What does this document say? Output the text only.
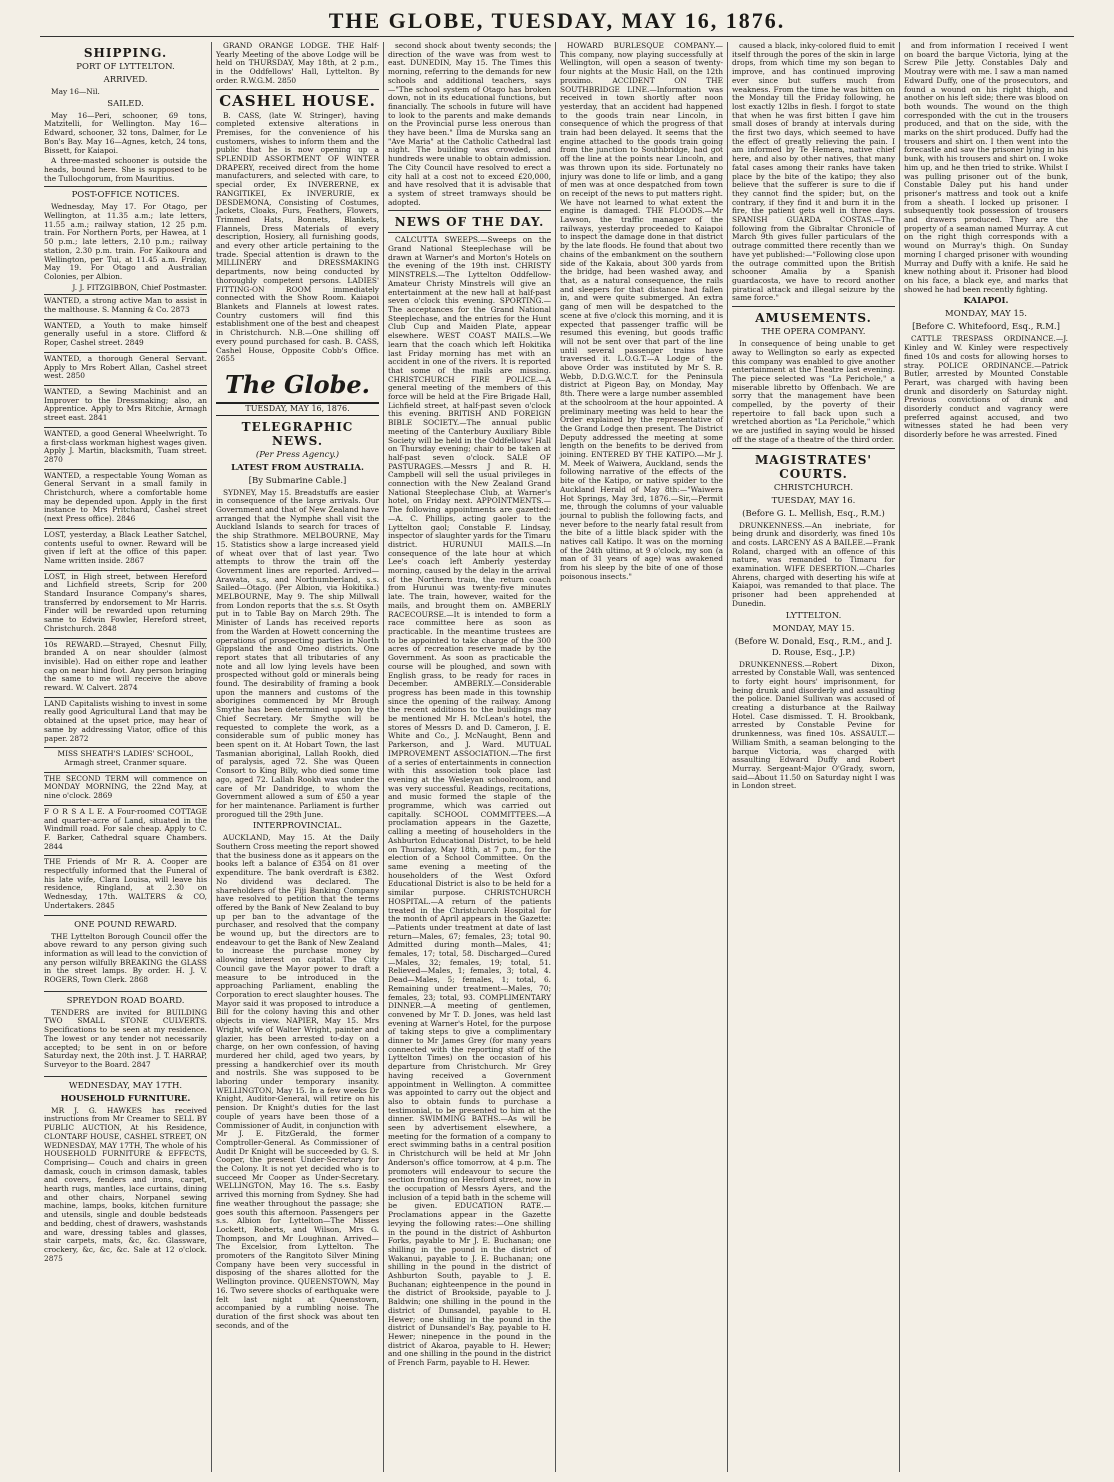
THE GLOBE, TUESDAY, MAY 16, 1876.
SHIPPING.
PORT OF LYTTELTON.
ARRIVED.

May 16—Nil.

SAILED.

May 16—Peri, schooner, 69 tons, Matzitelli, for Wellington. May 16—Edward, schooner, 32 tons, Dalmer, for Le Bon's Bay. May 16—Agnes, ketch, 24 tons, Bissett, for Kaiapoi.

A three-masted schooner is outside the heads, bound here. She is supposed to be the Tullochgorum, from Mauritius.

POST-OFFICE NOTICES.

Wednesday, May 17. For Otago, per Wellington, at 11.35 a.m.; late letters, 11.55 a.m.; railway station, 12 25 p.m. train. For Northern Ports, per Hawea, at 1 50 p.m.; late letters, 2.10 p.m.; railway station, 2.30 p.m. train. For Kaikoura and Wellington, per Tui, at 11.45 a.m. Friday, May 19. For Otago and Australian Colonies, per Albion.

J. J. FITZGIBBON, Chief Postmaster.

WANTED, a strong active Man to assist in the malthouse. S. Manning & Co. 2873
WANTED, a Youth to make himself generally useful in a store. Clifford & Roper, Cashel street. 2849
WANTED, a thorough General Servant. Apply to Mrs Robert Allan, Cashel street west. 2850
WANTED, a Sewing Machinist and an Improver to the Dressmaking; also, an Apprentice. Apply to Mrs Ritchie, Armagh street east. 2841
WANTED, a good General Wheelwright. To a first-class workman highest wages given. Apply J. Martin, blacksmith, Tuam street. 2870
WANTED, a respectable Young Woman as General Servant in a small family in Christchurch, where a comfortable home may be depended upon. Apply in the first instance to Mrs Pritchard, Cashel street (next Press office). 2846
LOST, yesterday, a Black Leather Satchel, contents useful to owner. Reward will be given if left at the office of this paper. Name written inside. 2867
LOST, in High street, between Hereford and Lichfield streets, Scrip for 200 Standard Insurance Company's shares, transferred by endorsement to Mr Harris. Finder will be rewarded upon returning same to Edwin Fowler, Hereford street, Christchurch. 2848
10s REWARD.—Strayed, Chesnut Filly, branded A on near shoulder (almost invisible). Had on either rope and leather cap on near hind foot. Any person bringing the same to me will receive the above reward. W. Calvert. 2874
LAND Capitalists wishing to invest in some really good Agricultural Land that may be obtained at the upset price, may hear of same by addressing Viator, office of this paper. 2872
MISS SHEATH'S LADIES' SCHOOL, Armagh street, Cranmer square.
THE SECOND TERM will commence on MONDAY MORNING, the 22nd May, at nine o'clock. 2869
F O R S A L E. A Four-roomed COTTAGE and quarter-acre of Land, situated in the Windmill road. For sale cheap. Apply to C. F. Barker, Cathedral square Chambers. 2844
THE Friends of Mr R. A. Cooper are respectfully informed that the Funeral of his late wife, Clara Louisa, will leave his residence, Ringland, at 2.30 on Wednesday, 17th. WALTERS & CO, Undertakers. 2845
ONE POUND REWARD.

THE Lyttelton Borough Council offer the above reward to any person giving such information as will lead to the conviction of any person wilfully BREAKING the GLASS in the street lamps. By order. H. J. V. ROGERS, Town Clerk. 2868

SPREYDON ROAD BOARD.

TENDERS are invited for BUILDING TWO SMALL STONE CULVERTS. Specifications to be seen at my residence. The lowest or any tender not necessarily accepted; to be sent in on or before Saturday next, the 20th inst. J. T. HARRAP, Surveyor to the Board. 2847

WEDNESDAY, MAY 17TH.
HOUSEHOLD FURNITURE.

MR J. G. HAWKES has received instructions from Mr Creamer to SELL BY PUBLIC AUCTION, At his Residence, CLONTARF HOUSE, CASHEL STREET, ON WEDNESDAY, MAY 17TH, The whole of his HOUSEHOLD FURNITURE & EFFECTS, Comprising— Couch and chairs in green damask, couch in crimson damask, tables and covers, fenders and irons, carpet, hearth rugs, mantles, lace curtains, dining and other chairs, Norpanel sewing machine, lamps, books, kitchen furniture and utensils, single and double bedsteads and bedding, chest of drawers, washstands and ware, dressing tables and glasses, stair carpets, mats, &c, &c. Glassware, crockery, &c, &c, &c. Sale at 12 o'clock. 2875

GRAND ORANGE LODGE. THE Half-Yearly Meeting of the above Lodge will be held on THURSDAY, May 18th, at 2 p.m., in the Oddfellows' Hall, Lyttelton. By order. R.W.G.M. 2850

CASHEL HOUSE.

B. CASS, (late W. Stringer), having completed extensive alterations in Premises, for the convenience of his customers, wishes to inform them and the public that he is now opening up a SPLENDID ASSORTMENT OF WINTER DRAPERY, received direct from the home manufacturers, and selected with care, to special order, Ex INVERERNE, ex RANGITIKEI, Ex INVERURIE, ex DESDEMONA, Consisting of Costumes, Jackets, Cloaks, Furs, Feathers, Flowers, Trimmed Hats, Bonnets, Blankets, Flannels, Dress Materials of every description, Hosiery, all furnishing goods, and every other article pertaining to the trade. Special attention is drawn to the MILLINERY and DRESSMAKING departments, now being conducted by thoroughly competent persons. LADIES' FITTING-ON ROOM immediately connected with the Show Room. Kaiapoi Blankets and Flannels at lowest rates. Country customers will find this establishment one of the best and cheapest in Christchurch. N.B.—One shilling off every pound purchased for cash. B. CASS, Cashel House, Opposite Cobb's Office. 2655

The Globe.
TUESDAY, MAY 16, 1876.
TELEGRAPHIC NEWS.
(Per Press Agency.)
LATEST FROM AUSTRALIA.
[By Submarine Cable.]

SYDNEY, May 15. Breadstuffs are easier in consequence of the large arrivals. Our Government and that of New Zealand have arranged that the Nymphe shall visit the Auckland Islands to search for traces of the ship Strathmore. MELBOURNE, May 15. Statistics show a large increased yield of wheat over that of last year. Two attempts to throw the train off the Government lines are reported. Arrived—Arawata, s.s, and Northumberland, s.s. Sailed—Otago. (Per Albion, via Hokitika.) MELBOURNE, May 9. The ship Millwall from London reports that the s.s. St Osyth put in to Table Bay on March 29th. The Minister of Lands has received reports from the Warden at Howett concerning the operations of prospecting parties in North Gippsland the and Omeo districts. One report states that all tributaries of any note and all low lying levels have been prospected without gold or minerals being found. The desirability of framing a book upon the manners and customs of the aborigines commenced by Mr Brough Smythe has been determined upon by the Chief Secretary. Mr Smythe will be requested to complete the work, as a considerable sum of public money has been spent on it. At Hobart Town, the last Tasmanian aboriginal, Lallah Rookh, died of paralysis, aged 72. She was Queen Consort to King Billy, who died some time ago, aged 72. Lallah Rookh was under the care of Mr Dandridge, to whom the Government allowed a sum of £50 a year for her maintenance. Parliament is further prorogued till the 29th June.

INTERPROVINCIAL.

AUCKLAND, May 15. At the Daily Southern Cross meeting the report showed that the business done as it appears on the books left a balance of £354 on 81 over expenditure. The bank overdraft is £382. No dividend was declared. The shareholders of the Fiji Banking Company have resolved to petition that the terms offered by the Bank of New Zealand to buy up per ban to the advantage of the purchaser, and resolved that the company be wound up, but the directors are to endeavour to get the Bank of New Zealand to increase the purchase money by allowing interest on capital. The City Council gave the Mayor power to draft a measure to be introduced in the approaching Parliament, enabling the Corporation to erect slaughter houses. The Mayor said it was proposed to introduce a Bill for the colony having this and other objects in view. NAPIER, May 15. Mrs Wright, wife of Walter Wright, painter and glazier, has been arrested to-day on a charge, on her own confession, of having murdered her child, aged two years, by pressing a handkerchief over its mouth and nostrils. She was supposed to be laboring under temporary insanity. WELLINGTON, May 15. In a few weeks Dr Knight, Auditor-General, will retire on his pension. Dr Knight's duties for the last couple of years have been those of a Commissioner of Audit, in conjunction with Mr J. E. FitzGerald, the former Comptroller-General. As Commissioner of Audit Dr Knight will be succeeded by G. S. Cooper, the present Under-Secretary for the Colony. It is not yet decided who is to succeed Mr Cooper as Under-Secretary. WELLINGTON, May 16. The s.s. Easby arrived this morning from Sydney. She had fine weather throughout the passage; she goes south this afternoon. Passengers per s.s. Albion for Lyttelton—The Misses Lockett, Roberts, and Wilson, Mrs G. Thompson, and Mr Loughnan. Arrived—The Excelsior, from Lyttelton. The promoters of the Rangitoto Silver Mining Company have been very successful in disposing of the shares allotted for the Wellington province. QUEENSTOWN, May 16. Two severe shocks of earthquake were felt last night at Queenstown, accompanied by a rumbling noise. The duration of the first shock was about ten seconds, and of the

second shock about twenty seconds; the direction of the wave was from west to east. DUNEDIN, May 15. The Times this morning, referring to the demands for new schools and additional teachers, says—"The school system of Otago has broken down, not in its educational functions, but financially. The schools in future will have to look to the parents and make demands on the Provincial purse less onerous than they have been." Ilma de Murska sang an "Ave Maria" at the Catholic Cathedral last night. The building was crowded, and hundreds were unable to obtain admission. The City Council have resolved to erect a city hall at a cost not to exceed £20,000, and have resolved that it is advisable that a system of street tramways should be adopted.

NEWS OF THE DAY.

CALCUTTA SWEEPS.—Sweeps on the Grand National Steeplechase will be drawn at Warner's and Morton's Hotels on the evening of the 19th inst. CHRISTY MINSTRELS.—The Lyttelton Oddfellow-Amateur Christy Minstrels will give an entertainment at the new hall at half-past seven o'clock this evening. SPORTING.—The acceptances for the Grand National Steeplechase, and the entries for the Hunt Club Cup and Maiden Plate, appear elsewhere. WEST COAST MAILS.—We learn that the coach which left Hokitika last Friday morning has met with an accident in one of the rivers. It is reported that some of the mails are missing. CHRISTCHURCH FIRE POLICE.—A general meeting of the members of this force will be held at the Fire Brigade Hall, Lichfield street, at half-past seven o'clock this evening. BRITISH AND FOREIGN BIBLE SOCIETY.—The annual public meeting of the Canterbury Auxiliary Bible Society will be held in the Oddfellows' Hall on Thursday evening; chair to be taken at half-past seven o'clock. SALE OF PASTURAGES.—Messrs J and R. H. Campbell will sell the usual privileges in connection with the New Zealand Grand National Steeplechase Club, at Warner's hotel, on Friday next. APPOINTMENTS.—The following appointments are gazetted:—A. C. Phillips, acting gaoler to the Lyttelton gaol; Constable F. Lindsay, inspector of slaughter yards for the Timaru district. HURUNUI MAILS.—In consequence of the late hour at which Lee's coach left Amberly yesterday morning, caused by the delay in the arrival of the Northern train, the return coach from Hurunui was twenty-five minutes late. The train, however, waited for the mails, and brought them on. AMBERLY RACECOURSE.—It is intended to form a race committee here as soon as practicable. In the meantime trustees are to be appointed to take charge of the 300 acres of recreation reserve made by the Government. As soon as practicable the course will be ploughed, and sown with English grass, to be ready for races in December. AMBERLY.—Considerable progress has been made in this township since the opening of the railway. Among the recent additions to the buildings may be mentioned Mr H. McLean's hotel, the stores of Messrs D. and D. Cameron, J. E. White and Co., J. McNaught, Benn and Parkerson, and J. Ward. MUTUAL IMPROVEMENT ASSOCIATION.—The first of a series of entertainments in connection with this association took place last evening at the Wesleyan schoolroom, and was very successful. Readings, recitations, and music formed the staple of the programme, which was carried out capitally. SCHOOL COMMITTEES.—A proclamation appears in the Gazette, calling a meeting of householders in the Ashburton Educational District, to be held on Thursday, May 18th, at 7 p.m., for the election of a School Committee. On the same evening a meeting of the householders of the West Oxford Educational District is also to be held for a similar purpose. CHRISTCHURCH HOSPITAL.—A return of the patients treated in the Christchurch Hospital for the month of April appears in the Gazette:—Patients under treatment at date of last return—Males, 67; females, 23; total 90. Admitted during month—Males, 41; females, 17; total, 58. Discharged—Cured—Males, 32; females, 19; total, 51. Relieved—Males, 1; females, 3; total, 4. Dead—Males, 5; females, 1; total, 6. Remaining under treatment—Males, 70; females, 23; total, 93. COMPLIMENTARY DINNER.—A meeting of gentlemen, convened by Mr T. D. Jones, was held last evening at Warner's Hotel, for the purpose of taking steps to give a complimentary dinner to Mr James Grey (for many years connected with the reporting staff of the Lyttelton Times) on the occasion of his departure from Christchurch. Mr Grey having received a Government appointment in Wellington. A committee was appointed to carry out the object and also to obtain funds to purchase a testimonial, to be presented to him at the dinner. SWIMMING BATHS.—As will be seen by advertisement elsewhere, a meeting for the formation of a company to erect swimming baths in a central position in Christchurch will be held at Mr John Anderson's office tomorrow, at 4 p.m. The promoters will endeavour to secure the section fronting on Hereford street, now in the occupation of Messrs Ayers, and the inclusion of a tepid bath in the scheme will be given. EDUCATION RATE.—Proclamations appear in the Gazette levying the following rates:—One shilling in the pound in the district of Ashburton Forks, payable to Mr J. E. Buchanan; one shilling in the pound in the district of Wakanui, payable to J. E. Buchanan; one shilling in the pound in the district of Ashburton South, payable to J. E. Buchanan; eighteenpence in the pound in the district of Brookside, payable to J. Baldwin; one shilling in the pound in the district of Dunsandel, payable to H. Hewer; one shilling in the pound in the district of Dunsandel's Bay, payable to H. Hewer; ninepence in the pound in the district of Akaroa, payable to H. Hewer; and one shilling in the pound in the district of French Farm, payable to H. Hewer.

HOWARD BURLESQUE COMPANY.—This company, now playing successfully at Wellington, will open a season of twenty-four nights at the Music Hall, on the 12th proximo. ACCIDENT ON THE SOUTHBRIDGE LINE.—Information was received in town shortly after noon yesterday, that an accident had happened to the goods train near Lincoln, in consequence of which the progress of that train had been delayed. It seems that the engine attached to the goods train going from the junction to Southbridge, had got off the line at the points near Lincoln, and was thrown upon its side. Fortunately no injury was done to life or limb, and a gang of men was at once despatched from town on receipt of the news to put matters right. We have not learned to what extent the engine is damaged. THE FLOODS.—Mr Lawson, the traffic manager of the railways, yesterday proceeded to Kaiapoi to inspect the damage done in that district by the late floods. He found that about two chains of the embankment on the southern side of the Kakaia, about 300 yards from the bridge, had been washed away, and that, as a natural consequence, the rails and sleepers for that distance had fallen in, and were quite submerged. An extra gang of men will be despatched to the scene at five o'clock this morning, and it is expected that passenger traffic will be resumed this evening, but goods traffic will not be sent over that part of the line until several passenger trains have traversed it. L.O.G.T.—A Lodge of the above Order was instituted by Mr S. R. Webb, D.D.G.W.C.T. for the Peninsula district at Pigeon Bay, on Monday, May 8th. There were a large number assembled at the schoolroom at the hour appointed. A preliminary meeting was held to hear the Order explained by the representative of the Grand Lodge then present. The District Deputy addressed the meeting at some length on the benefits to be derived from joining. ENTERED BY THE KATIPO.—Mr J. M. Meek of Waiwera, Auckland, sends the following narrative of the effects of the bite of the Katipo, or native spider to the Auckland Herald of May 8th:—"Waiwera Hot Springs, May 3rd, 1876.—Sir,—Permit me, through the columns of your valuable journal to publish the following facts, and never before to the nearly fatal result from the bite of a little black spider with the natives call Katipo. It was on the morning of the 24th ultimo, at 9 o'clock, my son (a man of 31 years of age) was awakened from his sleep by the bite of one of those poisonous insects."

caused a black, inky-colored fluid to emit itself through the pores of the skin in large drops, from which time my son began to improve, and has continued improving ever since but suffers much from weakness. From the time he was bitten on the Monday till the Friday following, he lost exactly 12lbs in flesh. I forgot to state that when he was first bitten I gave him small doses of brandy at intervals during the first two days, which seemed to have the effect of greatly relieving the pain. I am informed by Te Hemera, native chief here, and also by other natives, that many fatal cases among their ranks have taken place by the bite of the katipo; they also believe that the sufferer is sure to die if they cannot find the spider; but, on the contrary, if they find it and burn it in the fire, the patient gets well in three days. SPANISH GUARDA COSTAS.—The following from the Gibraltar Chronicle of March 9th gives fuller particulars of the outrage committed there recently than we have yet published:—"Following close upon the outrage committed upon the British schooner Amalia by a Spanish guardacosta, we have to record another piratical attack and illegal seizure by the same force."

AMUSEMENTS.
THE OPERA COMPANY.

In consequence of being unable to get away to Wellington so early as expected this company was enabled to give another entertainment at the Theatre last evening. The piece selected was "La Perichole," a miserable libretto by Offenbach. We are sorry that the management have been compelled, by the poverty of their repertoire to fall back upon such a wretched abortion as "La Perichole," which we are justified in saying would be hissed off the stage of a theatre of the third order.

MAGISTRATES' COURTS.
CHRISTCHURCH.
TUESDAY, MAY 16.
(Before G. L. Mellish, Esq., R.M.)

DRUNKENNESS.—An inebriate, for being drunk and disorderly, was fined 10s and costs. LARCENY AS A BAILEE.—Frank Roland, charged with an offence of this nature, was remanded to Timaru for examination. WIFE DESERTION.—Charles Ahrens, charged with deserting his wife at Kaiapoi, was remanded to that place. The prisoner had been apprehended at Dunedin.

LYTTELTON.
MONDAY, MAY 15.
(Before W. Donald, Esq., R.M., and J. D. Rouse, Esq., J.P.)

DRUNKENNESS.—Robert Dixon, arrested by Constable Wall, was sentenced to forty eight hours' imprisonment, for being drunk and disorderly and assaulting the police. Daniel Sullivan was accused of creating a disturbance at the Railway Hotel. Case dismissed. T. H. Brookbank, arrested by Constable Pevine for drunkenness, was fined 10s. ASSAULT.—William Smith, a seaman belonging to the barque Victoria, was charged with assaulting Edward Duffy and Robert Murray. Sergeant-Major O'Grady, sworn, said—About 11.50 on Saturday night I was in London street.

and from information I received I went on board the barque Victoria, lying at the Screw Pile Jetty. Constables Daly and Moutray were with me. I saw a man named Edward Duffy, one of the prosecutors, and found a wound on his right thigh, and another on his left side; there was blood on both wounds. The wound on the thigh corresponded with the cut in the trousers produced, and that on the side, with the marks on the shirt produced. Duffy had the trousers and shirt on. I then went into the forecastle and saw the prisoner lying in his bunk, with his trousers and shirt on. I woke him up, and he then tried to strike. Whilst I was pulling prisoner out of the bunk, Constable Daley put his hand under prisoner's mattress and took out a knife from a sheath. I locked up prisoner. I subsequently took possession of trousers and drawers produced. They are the property of a seaman named Murray. A cut on the right thigh corresponds with a wound on Murray's thigh. On Sunday morning I charged prisoner with wounding Murray and Duffy with a knife. He said he knew nothing about it. Prisoner had blood on his face, a black eye, and marks that showed he had been recently fighting.

KAIAPOI.
MONDAY, MAY 15.
[Before C. Whitefoord, Esq., R.M.]

CATTLE TRESPASS ORDINANCE.—J. Kinley and W. Kinley were respectively fined 10s and costs for allowing horses to stray. POLICE ORDINANCE.—Patrick Butler, arrested by Mounted Constable Perart, was charged with having been drunk and disorderly on Saturday night. Previous convictions of drunk and disorderly conduct and vagrancy were preferred against accused, and two witnesses stated he had been very disorderly before he was arrested. Fined
